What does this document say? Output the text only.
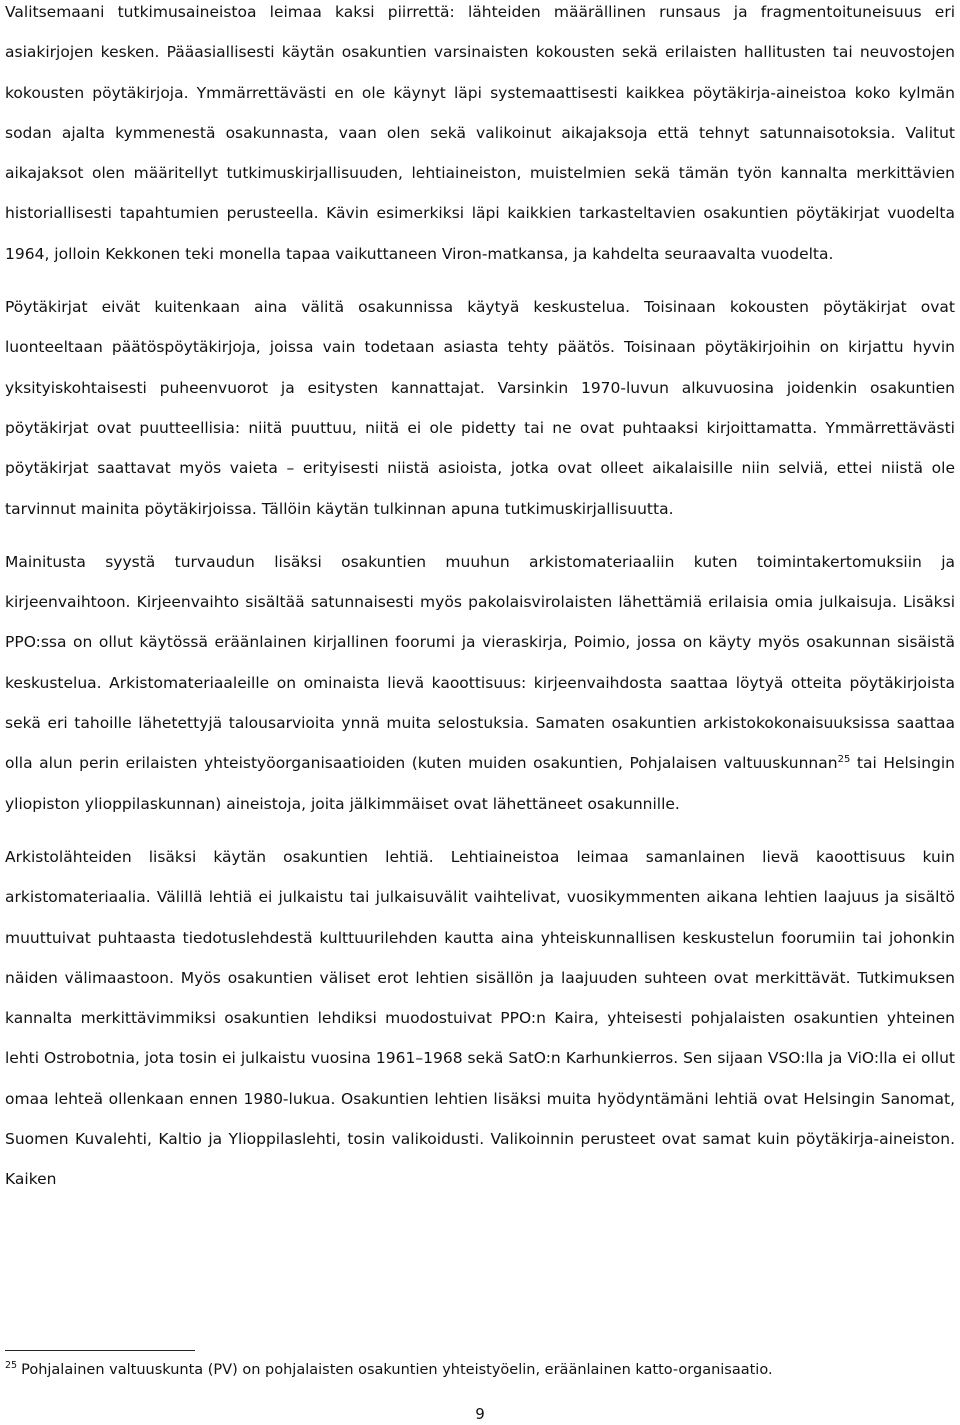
Valitsemaani tutkimusaineistoa leimaa kaksi piirrettä: lähteiden määrällinen runsaus ja fragmentoituneisuus eri asiakirjojen kesken. Pääasiallisesti käytän osakuntien varsinaisten kokousten sekä erilaisten hallitusten tai neuvostojen kokousten pöytäkirjoja. Ymmärrettävästi en ole käynyt läpi systemaattisesti kaikkea pöytäkirja-aineistoa koko kylmän sodan ajalta kymmenestä osakunnasta, vaan olen sekä valikoinut aikajaksoja että tehnyt satunnaisotoksia. Valitut aikajaksot olen määritellyt tutkimuskirjallisuuden, lehtiaineiston, muistelmien sekä tämän työn kannalta merkittävien historiallisesti tapahtumien perusteella. Kävin esimerkiksi läpi kaikkien tarkasteltavien osakuntien pöytäkirjat vuodelta 1964, jolloin Kekkonen teki monella tapaa vaikuttaneen Viron-matkansa, ja kahdelta seuraavalta vuodelta.

Pöytäkirjat eivät kuitenkaan aina välitä osakunnissa käytyä keskustelua. Toisinaan kokousten pöytäkirjat ovat luonteeltaan päätöspöytäkirjoja, joissa vain todetaan asiasta tehty päätös. Toisinaan pöytäkirjoihin on kirjattu hyvin yksityiskohtaisesti puheenvuorot ja esitysten kannattajat. Varsinkin 1970-luvun alkuvuosina joidenkin osakuntien pöytäkirjat ovat puutteellisia: niitä puuttuu, niitä ei ole pidetty tai ne ovat puhtaaksi kirjoittamatta. Ymmärrettävästi pöytäkirjat saattavat myös vaieta – erityisesti niistä asioista, jotka ovat olleet aikalaisille niin selviä, ettei niistä ole tarvinnut mainita pöytäkirjoissa. Tällöin käytän tulkinnan apuna tutkimuskirjallisuutta.

Mainitusta syystä turvaudun lisäksi osakuntien muuhun arkistomateriaaliin kuten toimintakertomuksiin ja kirjeenvaihtoon. Kirjeenvaihto sisältää satunnaisesti myös pakolaisvirolaisten lähettämiä erilaisia omia julkaisuja. Lisäksi PPO:ssa on ollut käytössä eräänlainen kirjallinen foorumi ja vieraskirja, Poimio, jossa on käyty myös osakunnan sisäistä keskustelua. Arkistomateriaaleille on ominaista lievä kaoottisuus: kirjeenvaihdosta saattaa löytyä otteita pöytäkirjoista sekä eri tahoille lähetettyjä talousarvioita ynnä muita selostuksia. Samaten osakuntien arkistokokonaisuuksissa saattaa olla alun perin erilaisten yhteistyöorganisaatioiden (kuten muiden osakuntien, Pohjalaisen valtuuskunnan$^{25}$ tai Helsingin yliopiston ylioppilaskunnan) aineistoja, joita jälkimmäiset ovat lähettäneet osakunnille.

Arkistolähteiden lisäksi käytän osakuntien lehtiä. Lehtiaineistoa leimaa samanlainen lievä kaoottisuus kuin arkistomateriaalia. Välillä lehtiä ei julkaistu tai julkaisuvälit vaihtelivat, vuosikymmenten aikana lehtien laajuus ja sisältö muuttuivat puhtaasta tiedotuslehdestä kulttuurilehden kautta aina yhteiskunnallisen keskustelun foorumiin tai johonkin näiden välimaastoon. Myös osakuntien väliset erot lehtien sisällön ja laajuuden suhteen ovat merkittävät. Tutkimuksen kannalta merkittävimmiksi osakuntien lehdiksi muodostuivat PPO:n Kaira, yhteisesti pohjalaisten osakuntien yhteinen lehti Ostrobotnia, jota tosin ei julkaistu vuosina 1961–1968 sekä SatO:n Karhunkierros. Sen sijaan VSO:lla ja ViO:lla ei ollut omaa lehteä ollenkaan ennen 1980-lukua. Osakuntien lehtien lisäksi muita hyödyntämäni lehtiä ovat Helsingin Sanomat, Suomen Kuvalehti, Kaltio ja Ylioppilaslehti, tosin valikoidusti. Valikoinnin perusteet ovat samat kuin pöytäkirja-aineiston. Kaiken

$^{25}$ Pohjalainen valtuuskunta (PV) on pohjalaisten osakuntien yhteistyöelin, eräänlainen katto-organisaatio.
9
